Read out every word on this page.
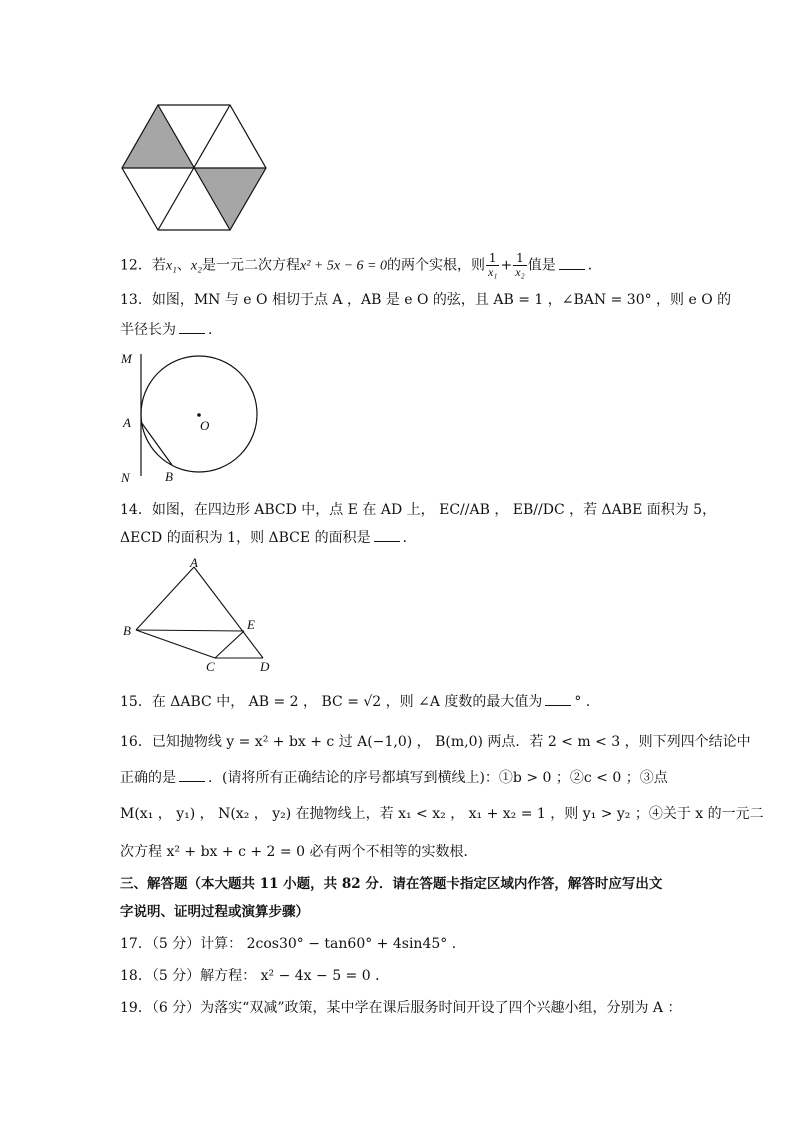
12．若x₁、x₂是一元二次方程x² + 5x − 6 = 0的两个实根，则 $\frac{1}{\text{x₁}} + \frac{1}{\text{x₂}}$ 值是 ．
13．如图，MN 与 e O 相切于点 A ，AB 是 e O 的弦，且 AB = 1 ，∠BAN = 30° ，则 e O 的
半径长为 ．
M
A
N	B
O
14．如图，在四边形 ABCD 中，点 E 在 AD 上， EC//AB ， EB//DC ，若 ΔABE 面积为 5，
ΔECD 的面积为 1，则 ΔBCE 的面积是 ．
A
B	E
C	D
15．在 ΔABC 中， AB = 2 ， BC = √2 ，则 ∠A 度数的最大值为 ° ．
16．已知抛物线 y = x² + bx + c 过 A(−1,0) ， B(m,0) 两点．若 2 < m < 3 ，则下列四个结论中
正确的是 ．(请将所有正确结论的序号都填写到横线上)：①b > 0 ；②c < 0 ；③点
M(x₁ ， y₁) ， N(x₂ ， y₂) 在抛物线上，若 x₁ < x₂ ， x₁ + x₂ = 1 ，则 y₁ > y₂ ；④关于 x 的一元二
次方程 x² + bx + c + 2 = 0 必有两个不相等的实数根．
三、解答题（本大题共 11 小题，共 82 分．请在答题卡指定区域内作答，解答时应写出文
字说明、证明过程或演算步骤）
17．（5 分）计算： 2cos30° − tan60° + 4sin45° ．
18．（5 分）解方程： x² − 4x − 5 = 0 ．
19．（6 分）为落实“双减”政策，某中学在课后服务时间开设了四个兴趣小组，分别为 A ：
